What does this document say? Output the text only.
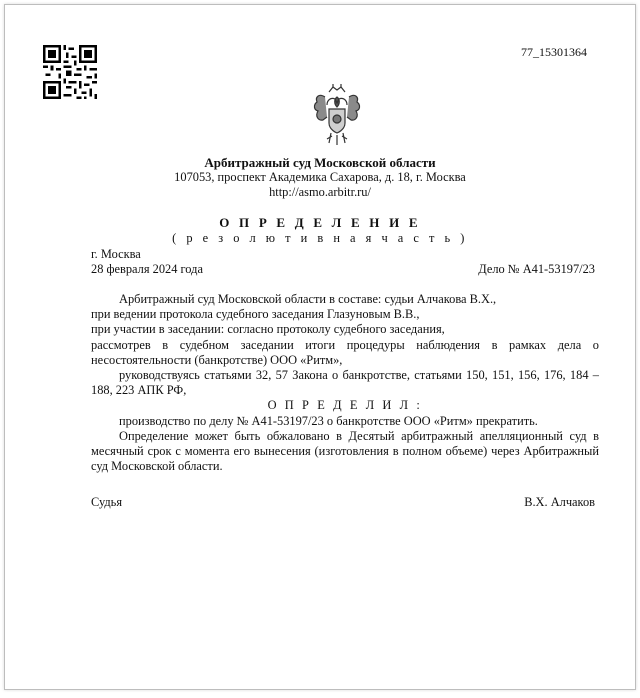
77_15301364
Арбитражный суд Московской области
107053, проспект Академика Сахарова, д. 18, г. Москва
http://asmo.arbitr.ru/
О П Р Е Д Е Л Е Н И Е
( р е з о л ю т и в н а я ч а с т ь )
г. Москва
28 февраля 2024 года	Дело № А41-53197/23

Арбитражный суд Московской области в составе: судьи Алчакова В.Х.,

при ведении протокола судебного заседания Глазуновым В.В.,

при участии в заседании: согласно протоколу судебного заседания,

рассмотрев в судебном заседании итоги процедуры наблюдения в рамках дела о несостоятельности (банкротстве) ООО «Ритм»,

руководствуясь статьями 32, 57 Закона о банкротстве, статьями 150, 151, 156, 176, 184 – 188, 223 АПК РФ,

О П Р Е Д Е Л И Л :

производство по делу № А41-53197/23 о банкротстве ООО «Ритм» прекратить.

Определение может быть обжаловано в Десятый арбитражный апелляционный суд в месячный срок с момента его вынесения (изготовления в полном объеме) через Арбитражный суд Московской области.

Судья	В.Х. Алчаков
